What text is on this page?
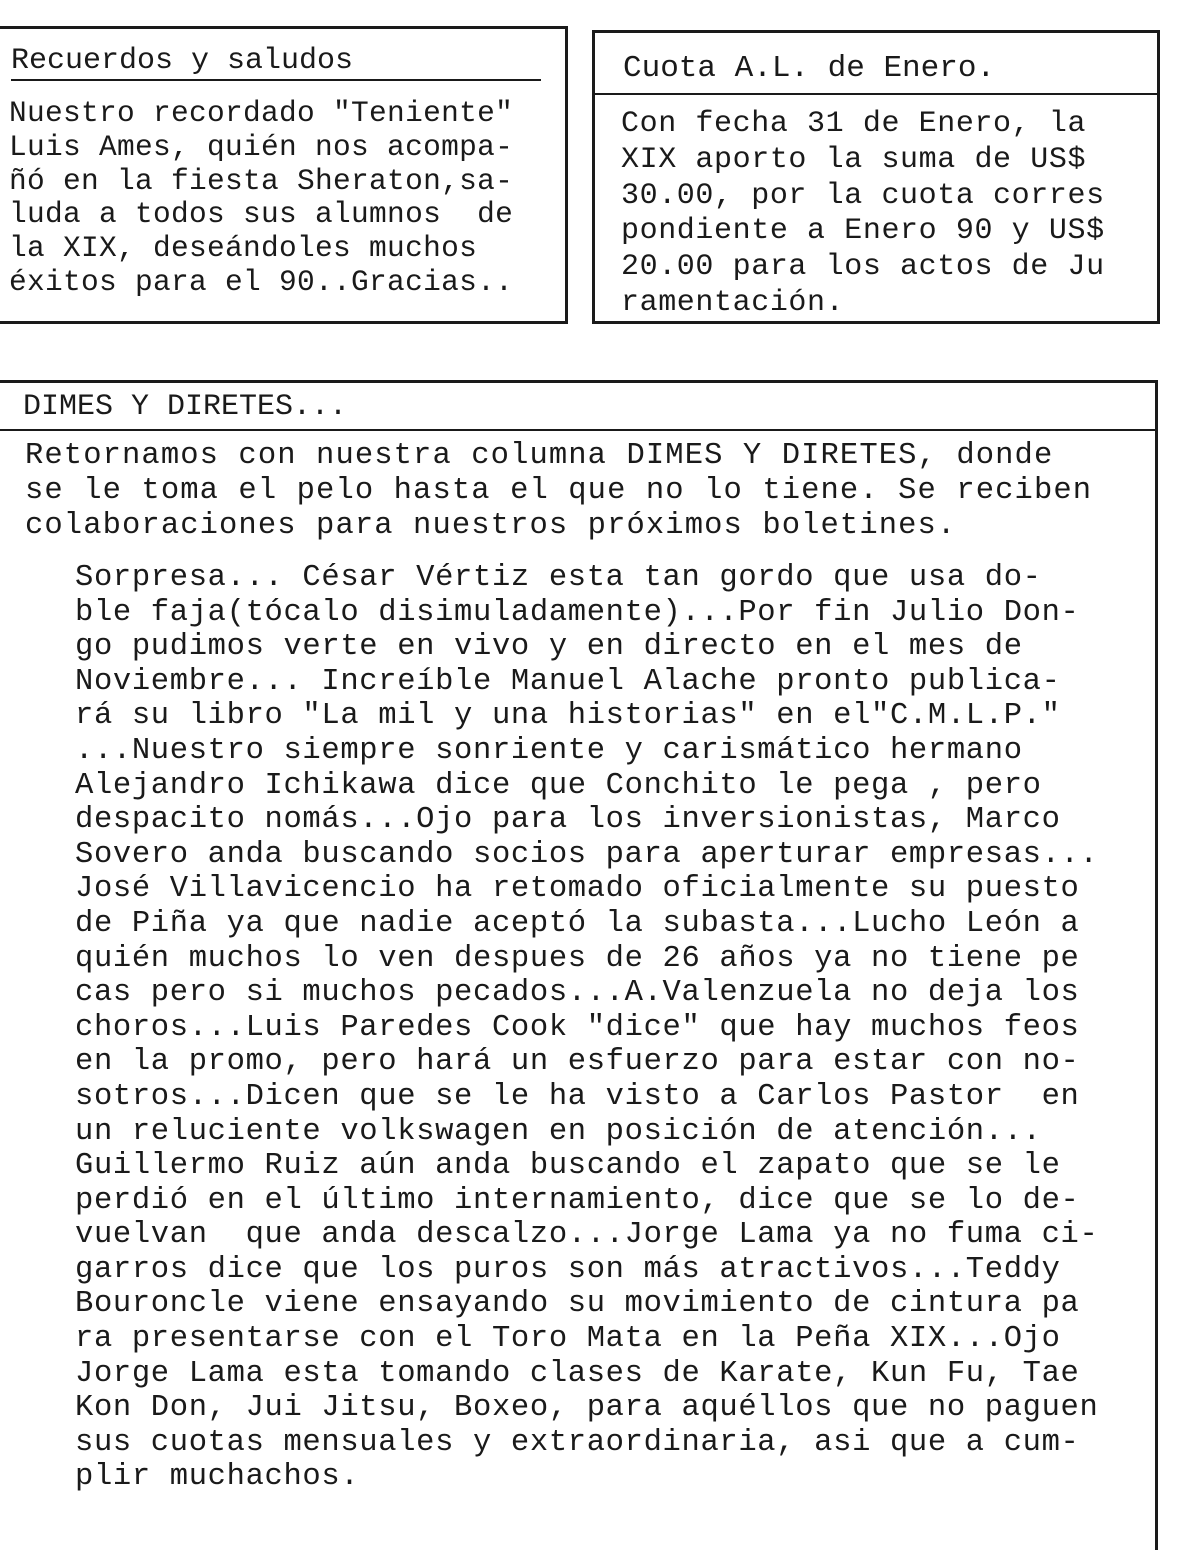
Recuerdos y saludos
Nuestro recordado "Teniente"
Luis Ames, quién nos acompa-
ñó en la fiesta Sheraton,sa-
luda a todos sus alumnos  de
la XIX, deseándoles muchos
éxitos para el 90..Gracias..
Cuota A.L. de Enero.
Con fecha 31 de Enero, la
XIX aporto la suma de US$
30.00, por la cuota corres
pondiente a Enero 90 y US$
20.00 para los actos de Ju
ramentación.
DIMES Y DIRETES...
Retornamos con nuestra columna DIMES Y DIRETES, donde
se le toma el pelo hasta el que no lo tiene. Se reciben
colaboraciones para nuestros próximos boletines.
Sorpresa... César Vértiz esta tan gordo que usa do-
ble faja(tócalo disimuladamente)...Por fin Julio Don-
go pudimos verte en vivo y en directo en el mes de
Noviembre... Increíble Manuel Alache pronto publica-
rá su libro "La mil y una historias" en el"C.M.L.P."
...Nuestro siempre sonriente y carismático hermano
Alejandro Ichikawa dice que Conchito le pega , pero
despacito nomás...Ojo para los inversionistas, Marco
Sovero anda buscando socios para aperturar empresas...
José Villavicencio ha retomado oficialmente su puesto
de Piña ya que nadie aceptó la subasta...Lucho León a
quién muchos lo ven despues de 26 años ya no tiene pe
cas pero si muchos pecados...A.Valenzuela no deja los
choros...Luis Paredes Cook "dice" que hay muchos feos
en la promo, pero hará un esfuerzo para estar con no-
sotros...Dicen que se le ha visto a Carlos Pastor  en
un reluciente volkswagen en posición de atención...
Guillermo Ruiz aún anda buscando el zapato que se le
perdió en el último internamiento, dice que se lo de-
vuelvan  que anda descalzo...Jorge Lama ya no fuma ci-
garros dice que los puros son más atractivos...Teddy
Bouroncle viene ensayando su movimiento de cintura pa
ra presentarse con el Toro Mata en la Peña XIX...Ojo
Jorge Lama esta tomando clases de Karate, Kun Fu, Tae
Kon Don, Jui Jitsu, Boxeo, para aquéllos que no paguen
sus cuotas mensuales y extraordinaria, asi que a cum-
plir muchachos.
